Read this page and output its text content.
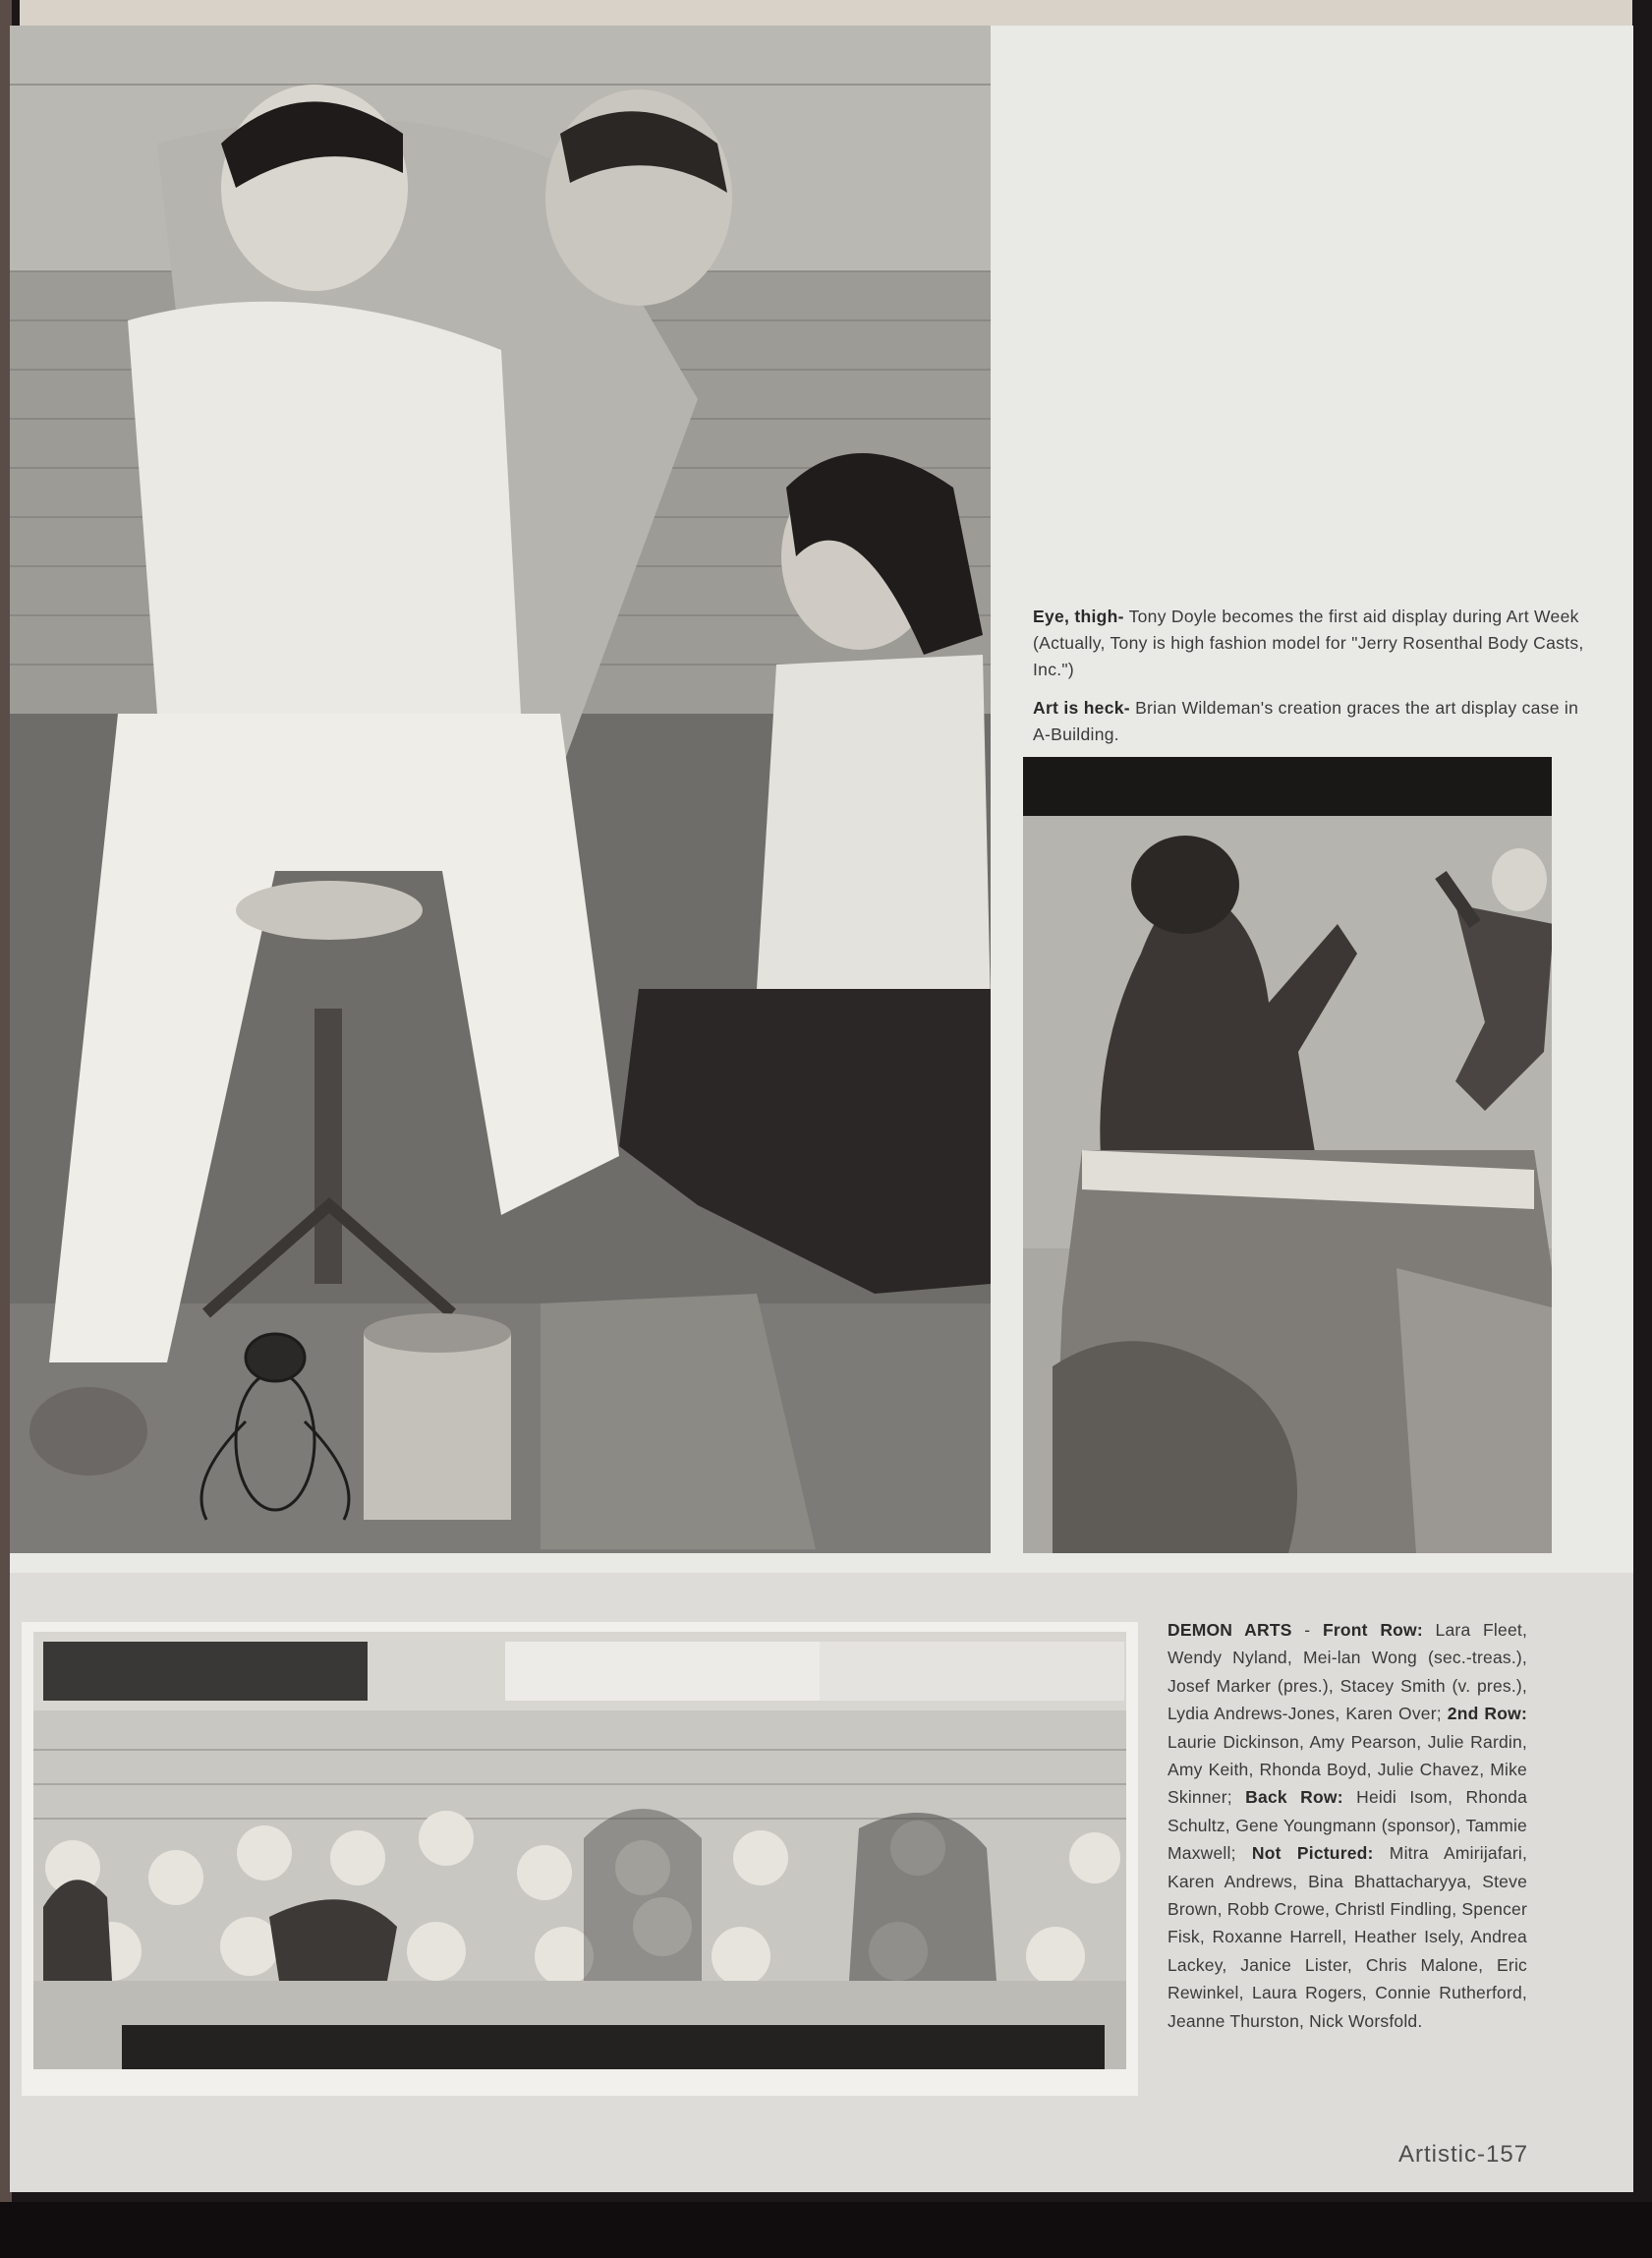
Eye, thigh- Tony Doyle becomes the first aid display during Art Week (Actually, Tony is high fashion model for "Jerry Rosenthal Body Casts, Inc.")

Art is heck- Brian Wildeman's creation graces the art display case in A-Building.

DEMON ARTS - Front Row: Lara Fleet, Wendy Nyland, Mei-lan Wong (sec.-treas.), Josef Marker (pres.), Stacey Smith (v. pres.), Lydia Andrews-Jones, Karen Over; 2nd Row: Laurie Dickinson, Amy Pearson, Julie Rardin, Amy Keith, Rhonda Boyd, Julie Chavez, Mike Skinner; Back Row: Heidi Isom, Rhonda Schultz, Gene Youngmann (sponsor), Tammie Maxwell; Not Pictured: Mitra Amirijafari, Karen Andrews, Bina Bhattacharyya, Steve Brown, Robb Crowe, Christl Findling, Spencer Fisk, Roxanne Harrell, Heather Isely, Andrea Lackey, Janice Lister, Chris Malone, Eric Rewinkel, Laura Rogers, Connie Rutherford, Jeanne Thurston, Nick Worsfold.
Artistic-157
